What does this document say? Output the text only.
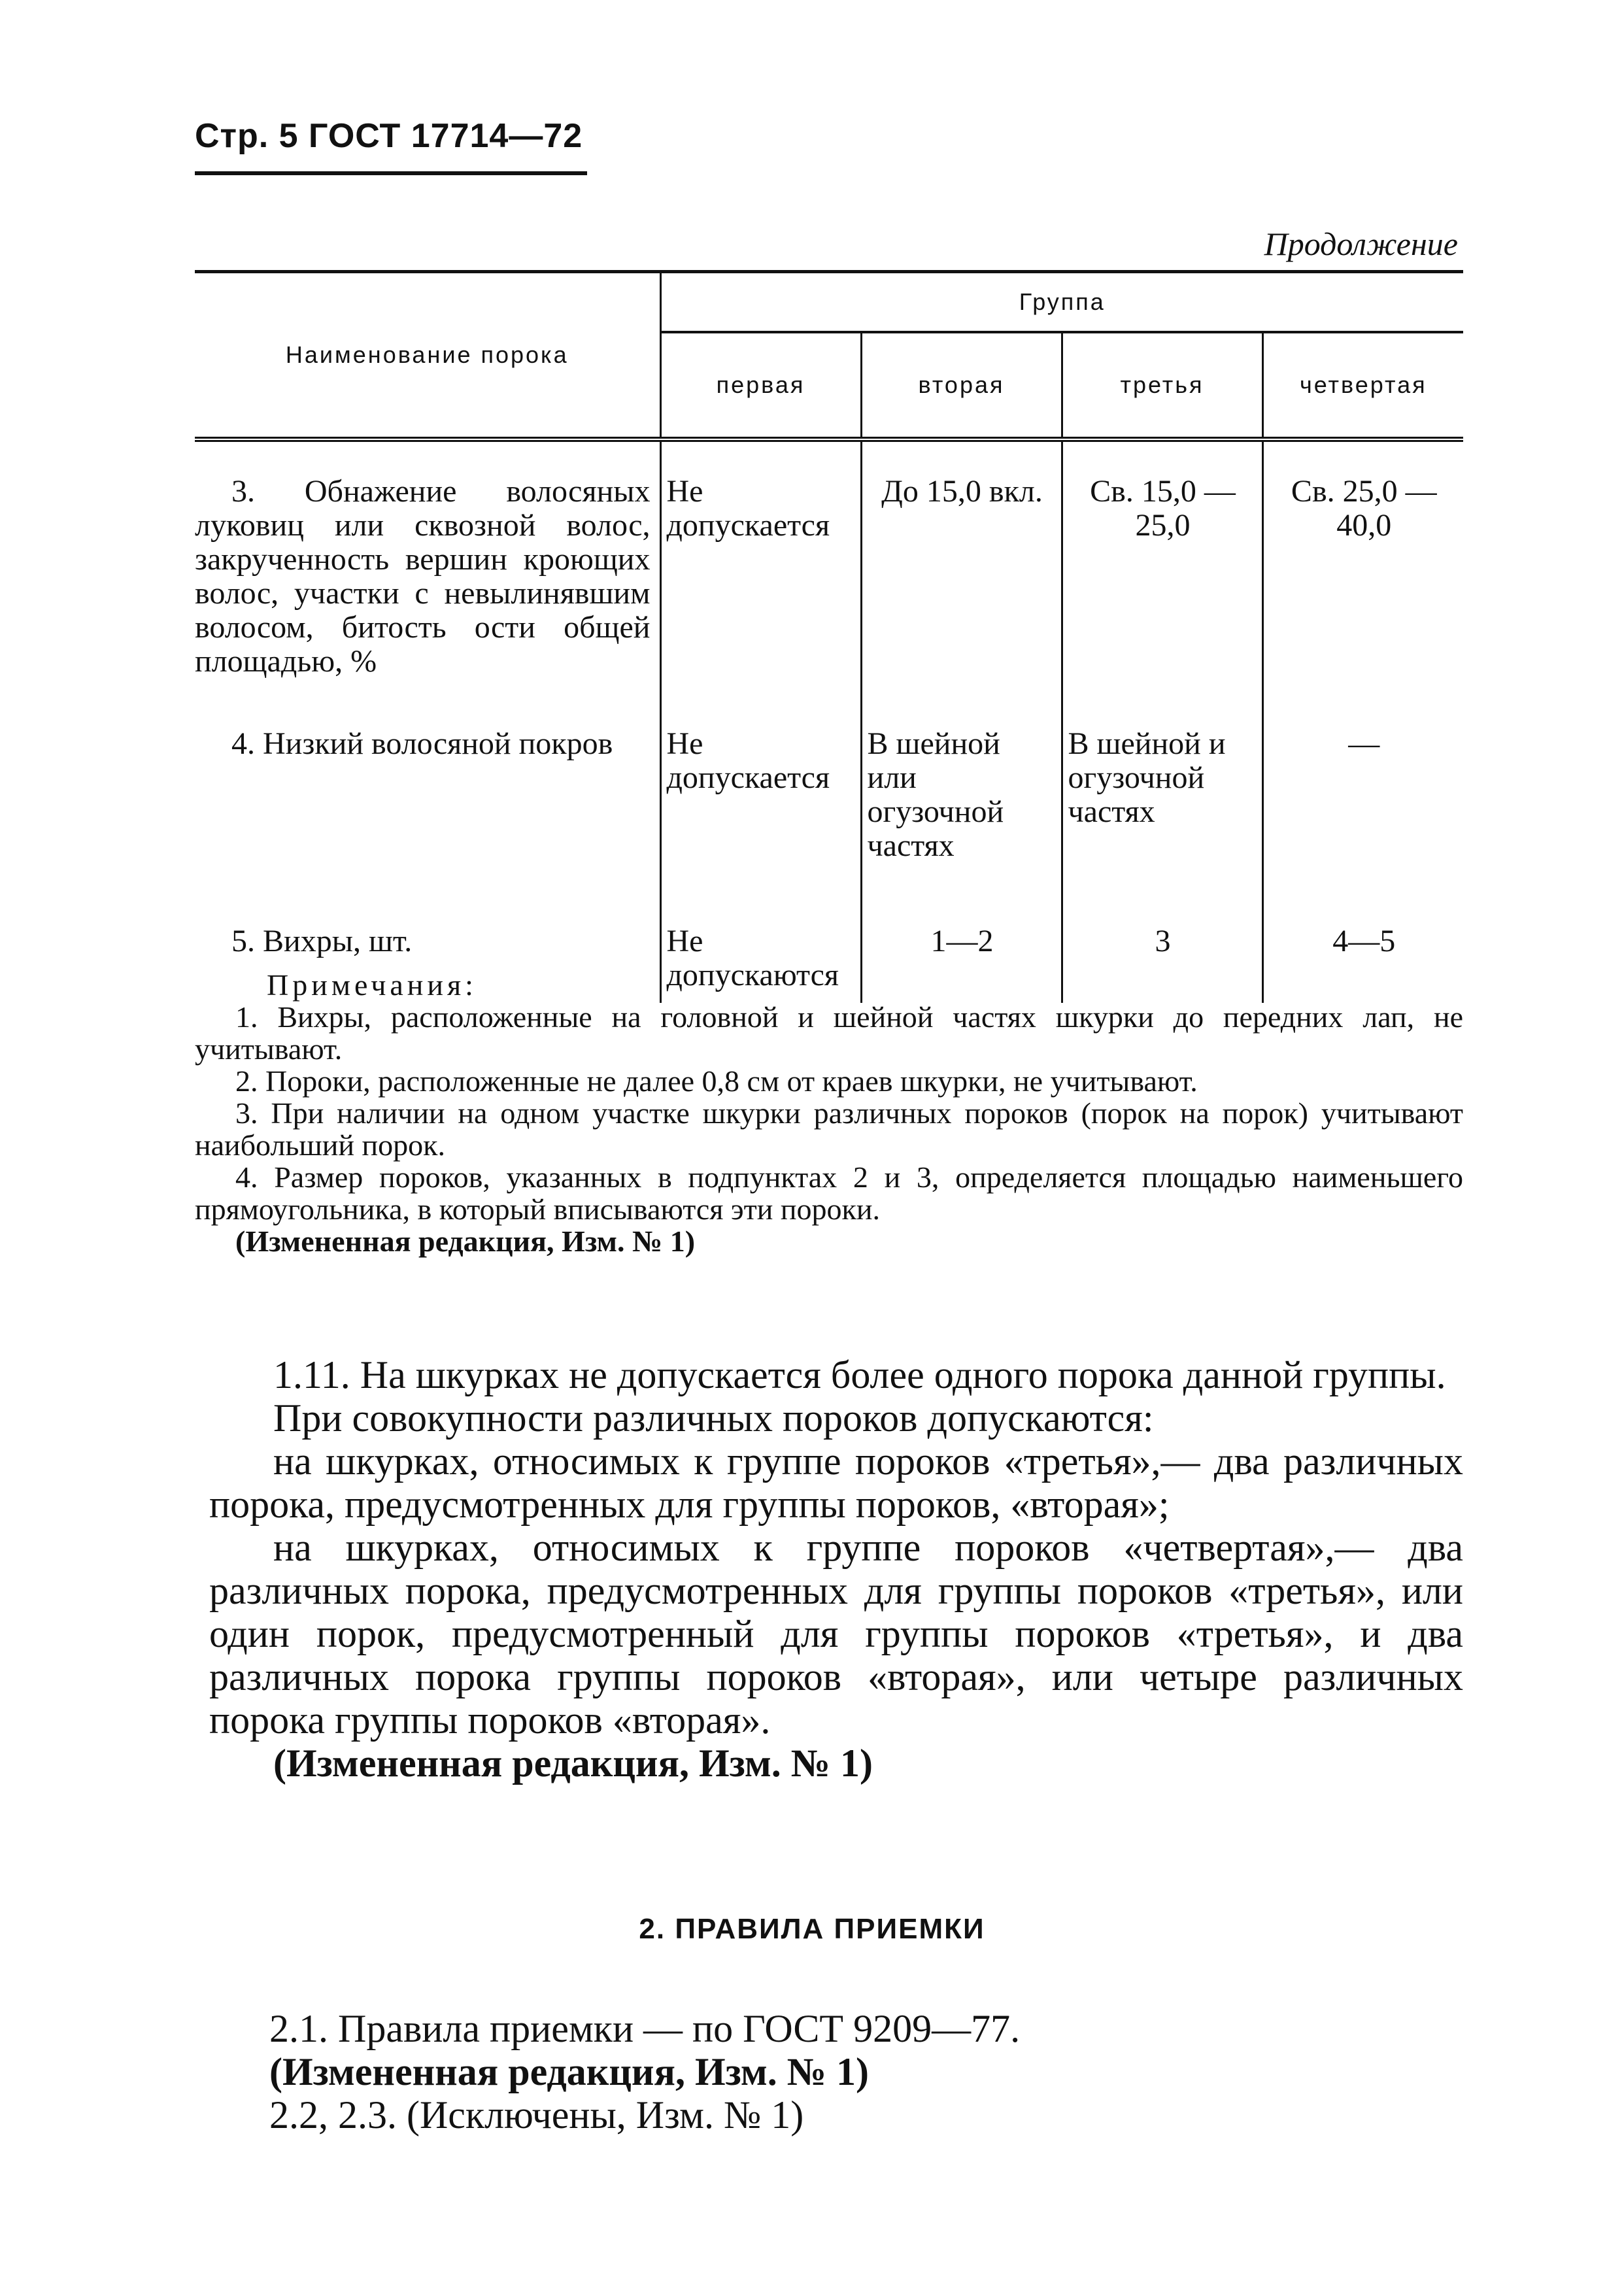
Стр. 5 ГОСТ 17714—72
Продолжение
Наименование порока	Группа			
	первая	вторая	третья	четвертая

3. Обнажение волосяных луковиц или сквозной волос, закрученность вершин кроющих волос, участки с невылинявшим волосом, битость ости общей площадью, %	Не допускается	До 15,0 вкл.	Св. 15,0 —25,0	Св. 25,0 —40,0

4. Низкий волосяной покров	Не допускается	В шейной или огузочной частях	В шейной и огузочной частях	—

5. Вихры, шт.	Не допускаются	1—2	3	4—5

Примечания:

1. Вихры, расположенные на головной и шейной частях шкурки до передних лап, не учитывают.

2. Пороки, расположенные не далее 0,8 см от краев шкурки, не учитывают.

3. При наличии на одном участке шкурки различных пороков (порок на порок) учитывают наибольший порок.

4. Размер пороков, указанных в подпунктах 2 и 3, определяется площадью наименьшего прямоугольника, в который вписываются эти пороки.

(Измененная редакция, Изм. № 1)

1.11. На шкурках не допускается более одного порока данной группы.

При совокупности различных пороков допускаются:

на шкурках, относимых к группе пороков «третья»,— два различных порока, предусмотренных для группы пороков, «вторая»;

на шкурках, относимых к группе пороков «четвертая»,— два различных порока, предусмотренных для группы пороков «третья», или один порок, предусмотренный для группы пороков «третья», и два различных порока группы пороков «вторая», или четыре различных порока группы пороков «вторая».

(Измененная редакция, Изм. № 1)

2. ПРАВИЛА ПРИЕМКИ

2.1. Правила приемки — по ГОСТ 9209—77.

(Измененная редакция, Изм. № 1)

2.2, 2.3. (Исключены, Изм. № 1)
